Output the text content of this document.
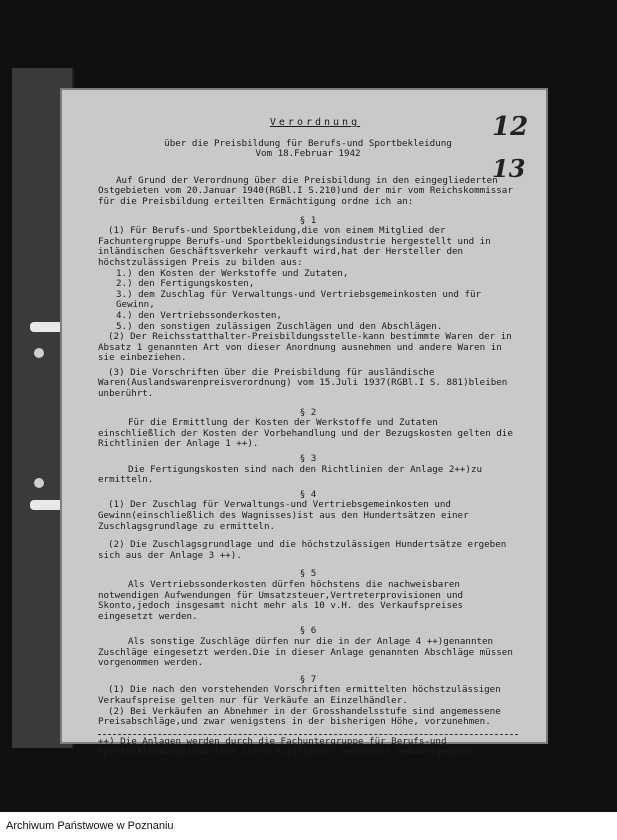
12
13
Verordnung
über die Preisbildung für Berufs-und Sportbekleidung
Vom 18.Februar 1942
Auf Grund der Verordnung über die Preisbildung in den eingegliederten Ostgebieten vom 20.Januar 1940(RGBl.I S.210)und der mir vom Reichskommissar für die Preisbildung erteilten Ermächtigung ordne ich an:
§ 1
(1) Für Berufs-und Sportbekleidung,die von einem Mitglied der Fachuntergruppe Berufs-und Sportbekleidungsindustrie hergestellt und in inländischen Geschäftsverkehr verkauft wird,hat der Hersteller den höchstzulässigen Preis zu bilden aus:
1.) den Kosten der Werkstoffe und Zutaten,
2.) den Fertigungskosten,
3.) dem Zuschlag für Verwaltungs-und Vertriebsgemeinkosten und für Gewinn,
4.) den Vertriebssonderkosten,
5.) den sonstigen zulässigen Zuschlägen und den Abschlägen.
(2) Der Reichsstatthalter-Preisbildungsstelle-kann bestimmte Waren der in Absatz 1 genannten Art von dieser Anordnung ausnehmen und andere Waren in sie einbeziehen.
(3) Die Vorschriften über die Preisbildung für ausländische Waren(Auslandswarenpreisverordnung) vom 15.Juli 1937(RGBl.I S. 881)bleiben unberührt.
§ 2
Für die Ermittlung der Kosten der Werkstoffe und Zutaten einschließlich der Kosten der Vorbehandlung und der Bezugskosten gelten die Richtlinien der Anlage 1 ++).
§ 3
Die Fertigungskosten sind nach den Richtlinien der Anlage 2++)zu ermitteln.
§ 4
(1) Der Zuschlag für Verwaltungs-und Vertriebsgemeinkosten und Gewinn(einschließlich des Wagnisses)ist aus den Hundertsätzen einer Zuschlagsgrundlage zu ermitteln.
(2) Die Zuschlagsgrundlage und die höchstzulässigen Hundertsätze ergeben sich aus der Anlage 3 ++).
§ 5
Als Vertriebssonderkosten dürfen höchstens die nachweisbaren notwendigen Aufwendungen für Umsatzsteuer,Vertreterprovisionen und Skonto,jedoch insgesamt nicht mehr als 10 v.H. des Verkaufspreises eingesetzt werden.
§ 6
Als sonstige Zuschläge dürfen nur die in der Anlage 4 ++)genannten Zuschläge eingesetzt werden.Die in dieser Anlage genannten Abschläge müssen vorgenommen werden.
§ 7
(1) Die nach den vorstehenden Vorschriften ermittelten höchstzulässigen Verkaufspreise gelten nur für Verkäufe an Einzelhändler.
(2) Bei Verkäufen an Abnehmer in der Grosshandelsstufe sind angemessene Preisabschläge,und zwar wenigstens in der bisherigen Höhe, vorzunehmen.
++) Die Anlagen werden durch die Fachuntergruppe für Berufs-und Sportbekleidungsindustrie ihren Mitgliedern besonders bekanntgegeben.
Archiwum Państwowe w Poznaniu
